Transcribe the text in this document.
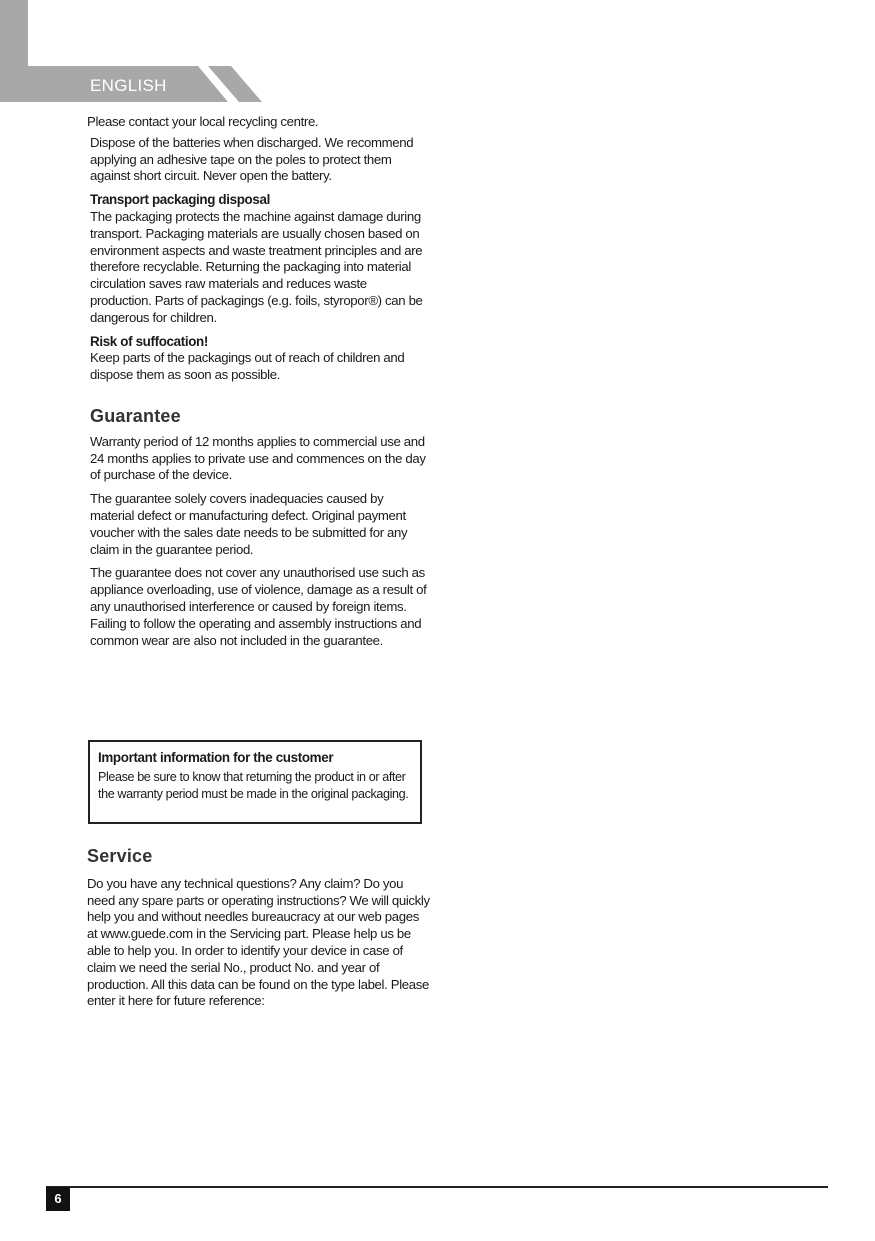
ENGLISH

Please contact your local recycling centre.

Dispose of the batteries when discharged. We recommend applying an adhesive tape on the poles to protect them against short circuit. Never open the battery.

Transport packaging disposal

The packaging protects the machine against damage during transport. Packaging materials are usually chosen based on environment aspects and waste treatment principles and are therefore recyclable. Returning the packaging into material circulation saves raw materials and reduces waste production. Parts of packagings (e.g. foils, styropor®) can be dangerous for children.

Risk of suffocation!

Keep parts of the packagings out of reach of children and dispose them as soon as possible.

Guarantee

Warranty period of 12 months applies to commercial use and 24 months applies to private use and commences on the day of purchase of the device.

The guarantee solely covers inadequacies caused by material defect or manufacturing defect. Original payment voucher with the sales date needs to be submitted for any claim in the guarantee period.

The guarantee does not cover any unauthorised use such as appliance overloading, use of violence, damage as a result of any unauthorised interference or caused by foreign items. Failing to follow the operating and assembly instructions and common wear are also not included in the guarantee.

Important information for the customer

Please be sure to know that returning the product in or after the warranty period must be made in the original packaging.

Service

Do you have any technical questions? Any claim? Do you need any spare parts or operating instructions? We will quickly help you and without needles bureaucracy at our web pages at www.guede.com in the Servicing part. Please help us be able to help you. In order to identify your device in case of claim we need the serial No., product No. and year of production. All this data can be found on the type label. Please enter it here for future reference:

6
